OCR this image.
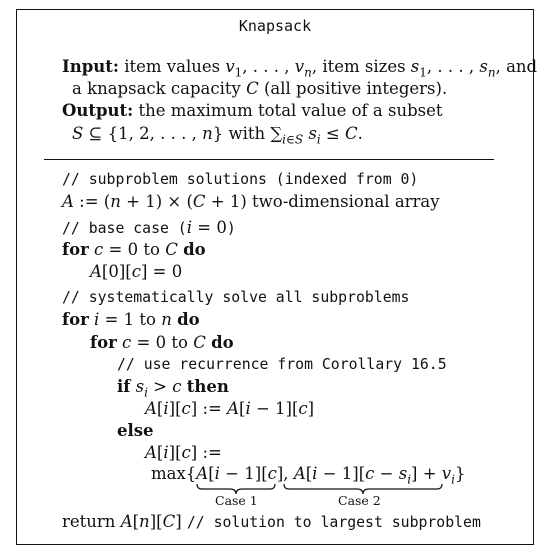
Knapsack
Input: item values $v_1$, . . . , $v_n$, item sizes $s_1$, . . . , $s_n$, and
a knapsack capacity C (all positive integers).
Output: the maximum total value of a subset
S ⊆ {1, 2, . . . , n} with $\sum_{i\in S}$ $s_i \le C$.
// subproblem solutions (indexed from 0)
A := (n + 1) × (C + 1) two-dimensional array
// base case (i = 0)
for c = 0 to C do
A[0][c] = 0
// systematically solve all subproblems
for i = 1 to n do
for c = 0 to C do
// use recurrence from Corollary 16.5
if $s_i > c$ then
A[i][c] := A[i − 1][c]
else
A[i][c] :=
max{A[i − 1][c], $A[i - 1][c - s_i] + v_i$}
Case 1	Case 2
return A[n][C] // solution to largest subproblem
